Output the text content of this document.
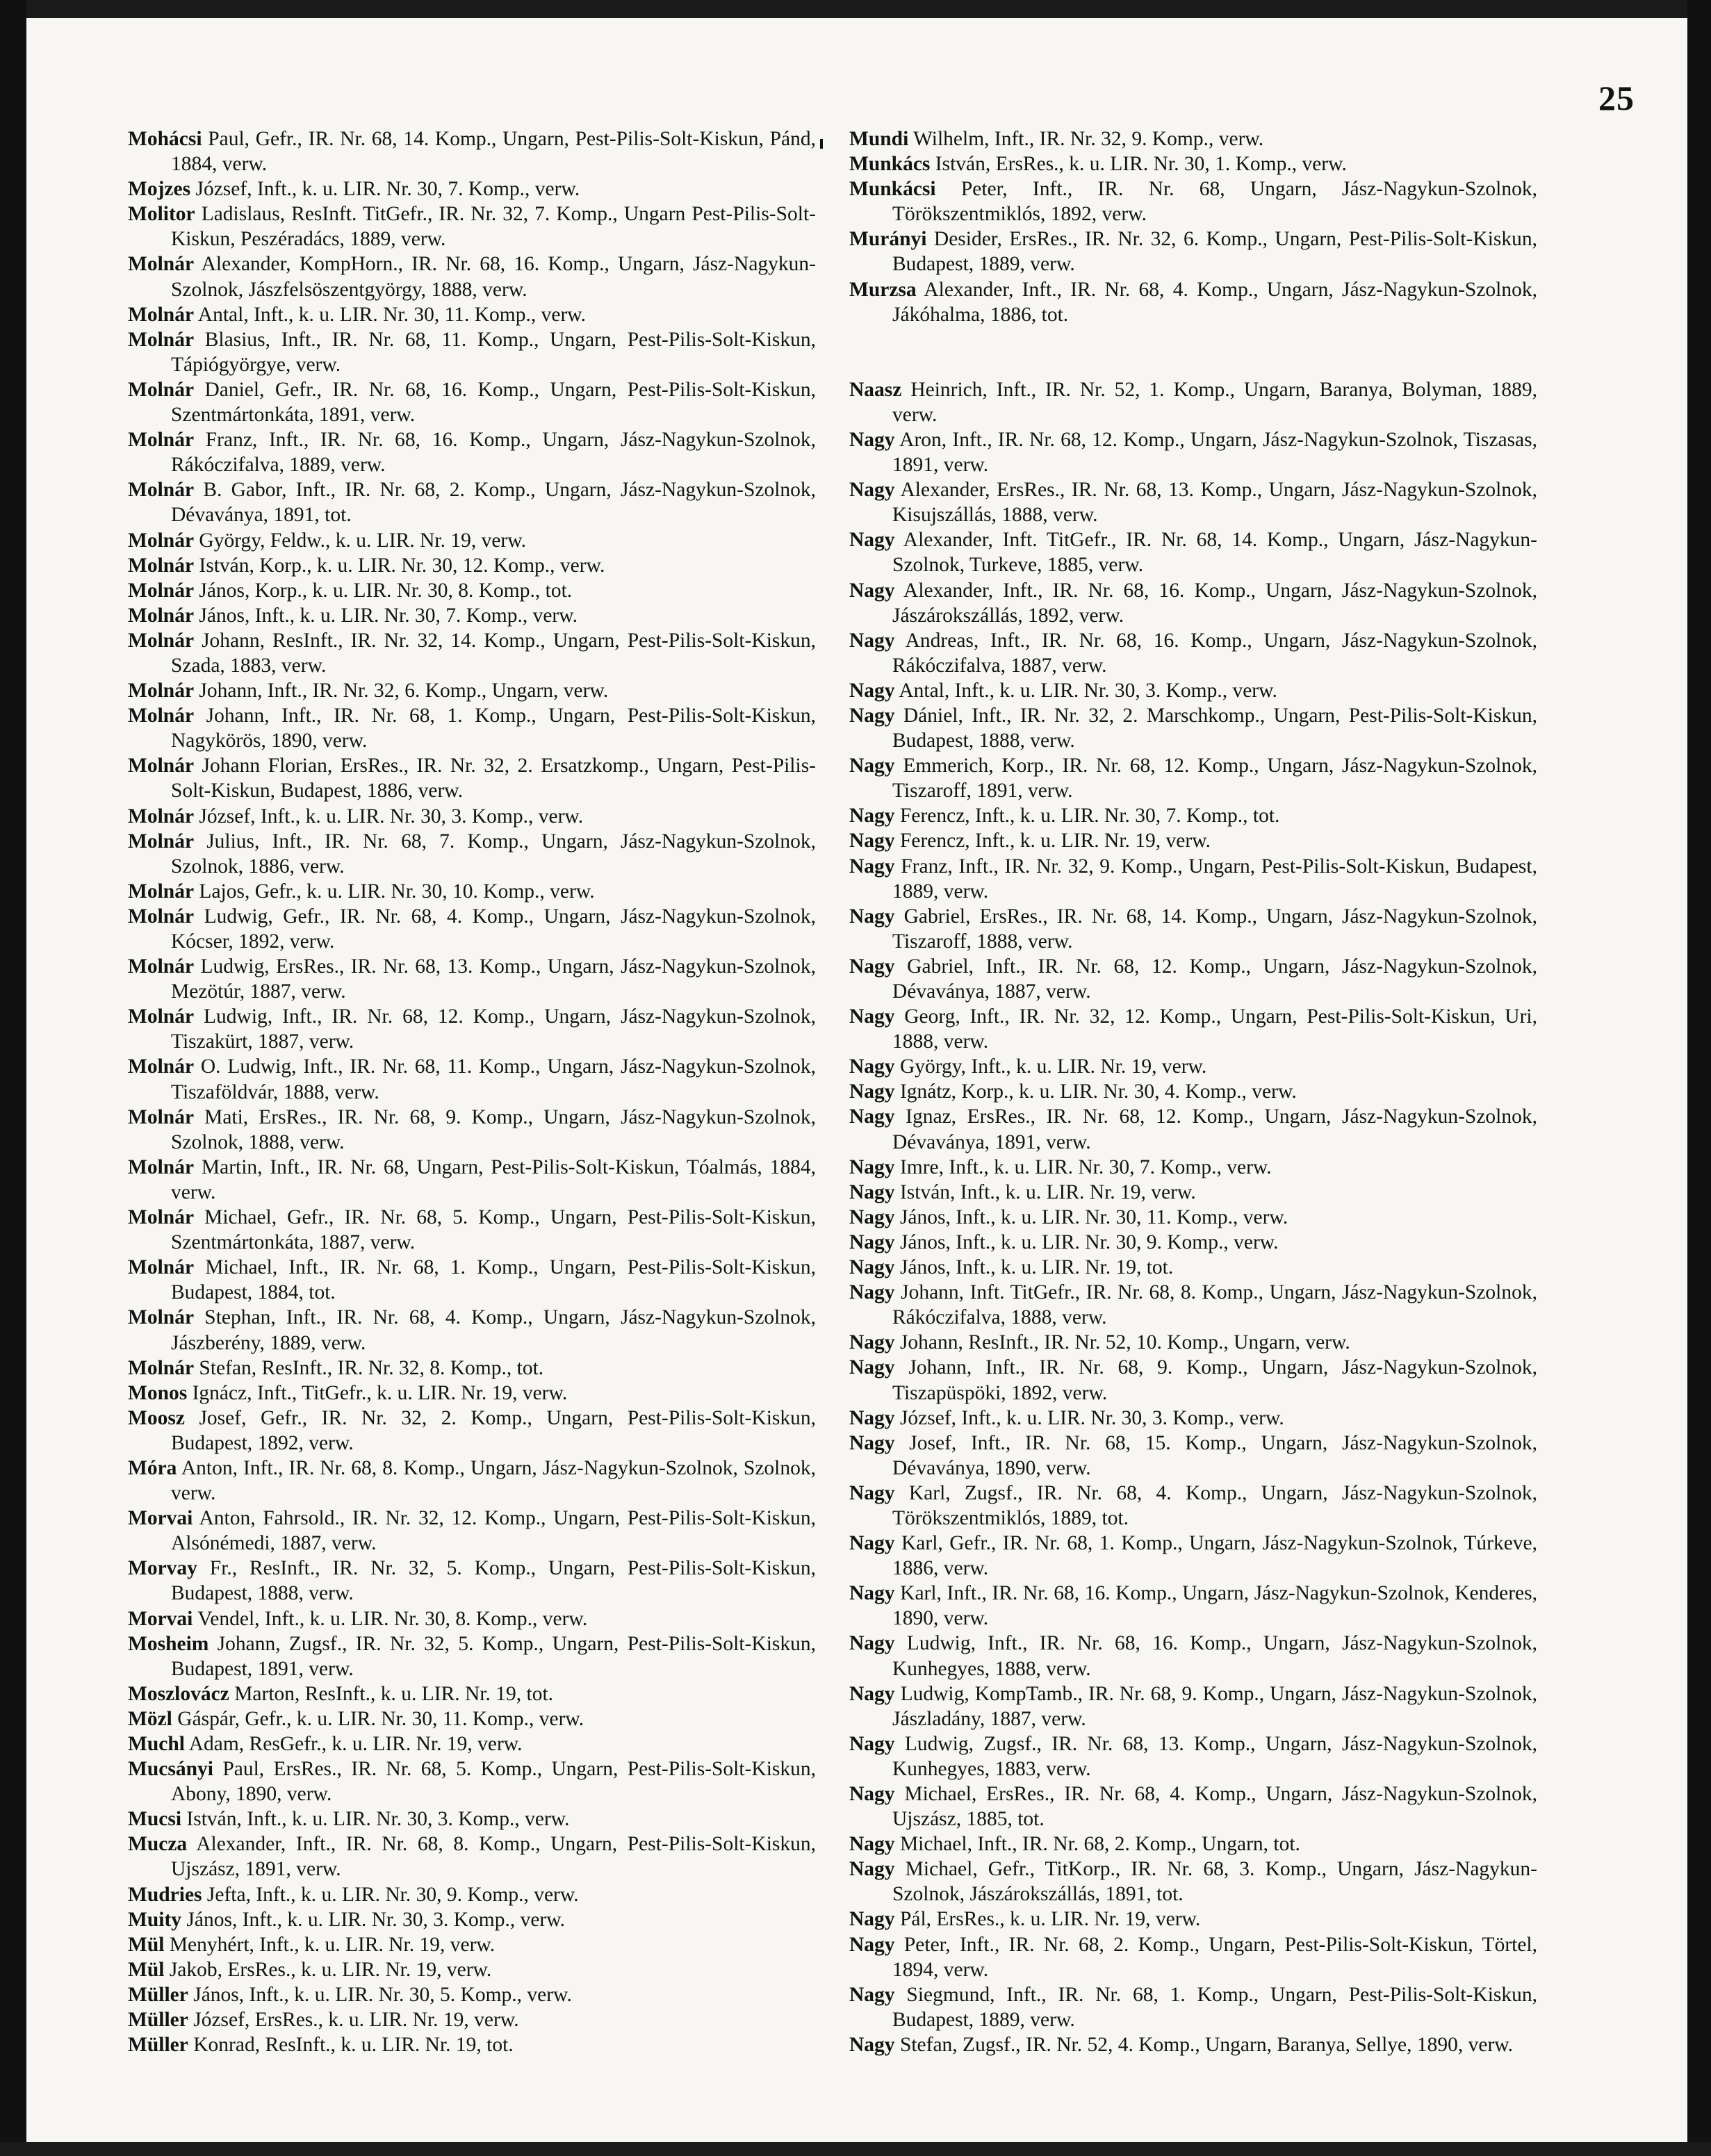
25
Mohácsi Paul, Gefr., IR. Nr. 68, 14. Komp., Ungarn, Pest-Pilis-Solt-Kiskun, Pánd, 1884, verw.
Mojzes József, Inft., k. u. LIR. Nr. 30, 7. Komp., verw.
Molitor Ladislaus, ResInft. TitGefr., IR. Nr. 32, 7. Komp., Ungarn Pest-Pilis-Solt-Kiskun, Peszéradács, 1889, verw.
Molnár Alexander, KompHorn., IR. Nr. 68, 16. Komp., Ungarn, Jász-Nagykun-Szolnok, Jászfelsöszentgyörgy, 1888, verw.
Molnár Antal, Inft., k. u. LIR. Nr. 30, 11. Komp., verw.
Molnár Blasius, Inft., IR. Nr. 68, 11. Komp., Ungarn, Pest-Pilis-Solt-Kiskun, Tápiógyörgye, verw.
Molnár Daniel, Gefr., IR. Nr. 68, 16. Komp., Ungarn, Pest-Pilis-Solt-Kiskun, Szentmártonkáta, 1891, verw.
Molnár Franz, Inft., IR. Nr. 68, 16. Komp., Ungarn, Jász-Nagykun-Szolnok, Rákóczifalva, 1889, verw.
Molnár B. Gabor, Inft., IR. Nr. 68, 2. Komp., Ungarn, Jász-Nagykun-Szolnok, Dévaványa, 1891, tot.
Molnár György, Feldw., k. u. LIR. Nr. 19, verw.
Molnár István, Korp., k. u. LIR. Nr. 30, 12. Komp., verw.
Molnár János, Korp., k. u. LIR. Nr. 30, 8. Komp., tot.
Molnár János, Inft., k. u. LIR. Nr. 30, 7. Komp., verw.
Molnár Johann, ResInft., IR. Nr. 32, 14. Komp., Ungarn, Pest-Pilis-Solt-Kiskun, Szada, 1883, verw.
Molnár Johann, Inft., IR. Nr. 32, 6. Komp., Ungarn, verw.
Molnár Johann, Inft., IR. Nr. 68, 1. Komp., Ungarn, Pest-Pilis-Solt-Kiskun, Nagykörös, 1890, verw.
Molnár Johann Florian, ErsRes., IR. Nr. 32, 2. Ersatzkomp., Ungarn, Pest-Pilis-Solt-Kiskun, Budapest, 1886, verw.
Molnár József, Inft., k. u. LIR. Nr. 30, 3. Komp., verw.
Molnár Julius, Inft., IR. Nr. 68, 7. Komp., Ungarn, Jász-Nagykun-Szolnok, Szolnok, 1886, verw.
Molnár Lajos, Gefr., k. u. LIR. Nr. 30, 10. Komp., verw.
Molnár Ludwig, Gefr., IR. Nr. 68, 4. Komp., Ungarn, Jász-Nagykun-Szolnok, Kócser, 1892, verw.
Molnár Ludwig, ErsRes., IR. Nr. 68, 13. Komp., Ungarn, Jász-Nagykun-Szolnok, Mezötúr, 1887, verw.
Molnár Ludwig, Inft., IR. Nr. 68, 12. Komp., Ungarn, Jász-Nagykun-Szolnok, Tiszakürt, 1887, verw.
Molnár O. Ludwig, Inft., IR. Nr. 68, 11. Komp., Ungarn, Jász-Nagykun-Szolnok, Tiszaföldvár, 1888, verw.
Molnár Mati, ErsRes., IR. Nr. 68, 9. Komp., Ungarn, Jász-Nagykun-Szolnok, Szolnok, 1888, verw.
Molnár Martin, Inft., IR. Nr. 68, Ungarn, Pest-Pilis-Solt-Kiskun, Tóalmás, 1884, verw.
Molnár Michael, Gefr., IR. Nr. 68, 5. Komp., Ungarn, Pest-Pilis-Solt-Kiskun, Szentmártonkáta, 1887, verw.
Molnár Michael, Inft., IR. Nr. 68, 1. Komp., Ungarn, Pest-Pilis-Solt-Kiskun, Budapest, 1884, tot.
Molnár Stephan, Inft., IR. Nr. 68, 4. Komp., Ungarn, Jász-Nagykun-Szolnok, Jászberény, 1889, verw.
Molnár Stefan, ResInft., IR. Nr. 32, 8. Komp., tot.
Monos Ignácz, Inft., TitGefr., k. u. LIR. Nr. 19, verw.
Moosz Josef, Gefr., IR. Nr. 32, 2. Komp., Ungarn, Pest-Pilis-Solt-Kiskun, Budapest, 1892, verw.
Móra Anton, Inft., IR. Nr. 68, 8. Komp., Ungarn, Jász-Nagykun-Szolnok, Szolnok, verw.
Morvai Anton, Fahrsold., IR. Nr. 32, 12. Komp., Ungarn, Pest-Pilis-Solt-Kiskun, Alsónémedi, 1887, verw.
Morvay Fr., ResInft., IR. Nr. 32, 5. Komp., Ungarn, Pest-Pilis-Solt-Kiskun, Budapest, 1888, verw.
Morvai Vendel, Inft., k. u. LIR. Nr. 30, 8. Komp., verw.
Mosheim Johann, Zugsf., IR. Nr. 32, 5. Komp., Ungarn, Pest-Pilis-Solt-Kiskun, Budapest, 1891, verw.
Moszlovácz Marton, ResInft., k. u. LIR. Nr. 19, tot.
Mözl Gáspár, Gefr., k. u. LIR. Nr. 30, 11. Komp., verw.
Muchl Adam, ResGefr., k. u. LIR. Nr. 19, verw.
Mucsányi Paul, ErsRes., IR. Nr. 68, 5. Komp., Ungarn, Pest-Pilis-Solt-Kiskun, Abony, 1890, verw.
Mucsi István, Inft., k. u. LIR. Nr. 30, 3. Komp., verw.
Mucza Alexander, Inft., IR. Nr. 68, 8. Komp., Ungarn, Pest-Pilis-Solt-Kiskun, Ujszász, 1891, verw.
Mudries Jefta, Inft., k. u. LIR. Nr. 30, 9. Komp., verw.
Muity János, Inft., k. u. LIR. Nr. 30, 3. Komp., verw.
Mül Menyhért, Inft., k. u. LIR. Nr. 19, verw.
Mül Jakob, ErsRes., k. u. LIR. Nr. 19, verw.
Müller János, Inft., k. u. LIR. Nr. 30, 5. Komp., verw.
Müller József, ErsRes., k. u. LIR. Nr. 19, verw.
Müller Konrad, ResInft., k. u. LIR. Nr. 19, tot.
Mundi Wilhelm, Inft., IR. Nr. 32, 9. Komp., verw.
Munkács István, ErsRes., k. u. LIR. Nr. 30, 1. Komp., verw.
Munkácsi Peter, Inft., IR. Nr. 68, Ungarn, Jász-Nagykun-Szolnok, Törökszentmiklós, 1892, verw.
Murányi Desider, ErsRes., IR. Nr. 32, 6. Komp., Ungarn, Pest-Pilis-Solt-Kiskun, Budapest, 1889, verw.
Murzsa Alexander, Inft., IR. Nr. 68, 4. Komp., Ungarn, Jász-Nagykun-Szolnok, Jákóhalma, 1886, tot.
Naasz Heinrich, Inft., IR. Nr. 52, 1. Komp., Ungarn, Baranya, Bolyman, 1889, verw.
Nagy Aron, Inft., IR. Nr. 68, 12. Komp., Ungarn, Jász-Nagykun-Szolnok, Tiszasas, 1891, verw.
Nagy Alexander, ErsRes., IR. Nr. 68, 13. Komp., Ungarn, Jász-Nagykun-Szolnok, Kisujszállás, 1888, verw.
Nagy Alexander, Inft. TitGefr., IR. Nr. 68, 14. Komp., Ungarn, Jász-Nagykun-Szolnok, Turkeve, 1885, verw.
Nagy Alexander, Inft., IR. Nr. 68, 16. Komp., Ungarn, Jász-Nagykun-Szolnok, Jászárokszállás, 1892, verw.
Nagy Andreas, Inft., IR. Nr. 68, 16. Komp., Ungarn, Jász-Nagykun-Szolnok, Rákóczifalva, 1887, verw.
Nagy Antal, Inft., k. u. LIR. Nr. 30, 3. Komp., verw.
Nagy Dániel, Inft., IR. Nr. 32, 2. Marschkomp., Ungarn, Pest-Pilis-Solt-Kiskun, Budapest, 1888, verw.
Nagy Emmerich, Korp., IR. Nr. 68, 12. Komp., Ungarn, Jász-Nagykun-Szolnok, Tiszaroff, 1891, verw.
Nagy Ferencz, Inft., k. u. LIR. Nr. 30, 7. Komp., tot.
Nagy Ferencz, Inft., k. u. LIR. Nr. 19, verw.
Nagy Franz, Inft., IR. Nr. 32, 9. Komp., Ungarn, Pest-Pilis-Solt-Kiskun, Budapest, 1889, verw.
Nagy Gabriel, ErsRes., IR. Nr. 68, 14. Komp., Ungarn, Jász-Nagykun-Szolnok, Tiszaroff, 1888, verw.
Nagy Gabriel, Inft., IR. Nr. 68, 12. Komp., Ungarn, Jász-Nagykun-Szolnok, Dévaványa, 1887, verw.
Nagy Georg, Inft., IR. Nr. 32, 12. Komp., Ungarn, Pest-Pilis-Solt-Kiskun, Uri, 1888, verw.
Nagy György, Inft., k. u. LIR. Nr. 19, verw.
Nagy Ignátz, Korp., k. u. LIR. Nr. 30, 4. Komp., verw.
Nagy Ignaz, ErsRes., IR. Nr. 68, 12. Komp., Ungarn, Jász-Nagykun-Szolnok, Dévaványa, 1891, verw.
Nagy Imre, Inft., k. u. LIR. Nr. 30, 7. Komp., verw.
Nagy István, Inft., k. u. LIR. Nr. 19, verw.
Nagy János, Inft., k. u. LIR. Nr. 30, 11. Komp., verw.
Nagy János, Inft., k. u. LIR. Nr. 30, 9. Komp., verw.
Nagy János, Inft., k. u. LIR. Nr. 19, tot.
Nagy Johann, Inft. TitGefr., IR. Nr. 68, 8. Komp., Ungarn, Jász-Nagykun-Szolnok, Rákóczifalva, 1888, verw.
Nagy Johann, ResInft., IR. Nr. 52, 10. Komp., Ungarn, verw.
Nagy Johann, Inft., IR. Nr. 68, 9. Komp., Ungarn, Jász-Nagykun-Szolnok, Tiszapüspöki, 1892, verw.
Nagy József, Inft., k. u. LIR. Nr. 30, 3. Komp., verw.
Nagy Josef, Inft., IR. Nr. 68, 15. Komp., Ungarn, Jász-Nagykun-Szolnok, Dévaványa, 1890, verw.
Nagy Karl, Zugsf., IR. Nr. 68, 4. Komp., Ungarn, Jász-Nagykun-Szolnok, Törökszentmiklós, 1889, tot.
Nagy Karl, Gefr., IR. Nr. 68, 1. Komp., Ungarn, Jász-Nagykun-Szolnok, Túrkeve, 1886, verw.
Nagy Karl, Inft., IR. Nr. 68, 16. Komp., Ungarn, Jász-Nagykun-Szolnok, Kenderes, 1890, verw.
Nagy Ludwig, Inft., IR. Nr. 68, 16. Komp., Ungarn, Jász-Nagykun-Szolnok, Kunhegyes, 1888, verw.
Nagy Ludwig, KompTamb., IR. Nr. 68, 9. Komp., Ungarn, Jász-Nagykun-Szolnok, Jászladány, 1887, verw.
Nagy Ludwig, Zugsf., IR. Nr. 68, 13. Komp., Ungarn, Jász-Nagykun-Szolnok, Kunhegyes, 1883, verw.
Nagy Michael, ErsRes., IR. Nr. 68, 4. Komp., Ungarn, Jász-Nagykun-Szolnok, Ujszász, 1885, tot.
Nagy Michael, Inft., IR. Nr. 68, 2. Komp., Ungarn, tot.
Nagy Michael, Gefr., TitKorp., IR. Nr. 68, 3. Komp., Ungarn, Jász-Nagykun-Szolnok, Jászárokszállás, 1891, tot.
Nagy Pál, ErsRes., k. u. LIR. Nr. 19, verw.
Nagy Peter, Inft., IR. Nr. 68, 2. Komp., Ungarn, Pest-Pilis-Solt-Kiskun, Törtel, 1894, verw.
Nagy Siegmund, Inft., IR. Nr. 68, 1. Komp., Ungarn, Pest-Pilis-Solt-Kiskun, Budapest, 1889, verw.
Nagy Stefan, Zugsf., IR. Nr. 52, 4. Komp., Ungarn, Baranya, Sellye, 1890, verw.
